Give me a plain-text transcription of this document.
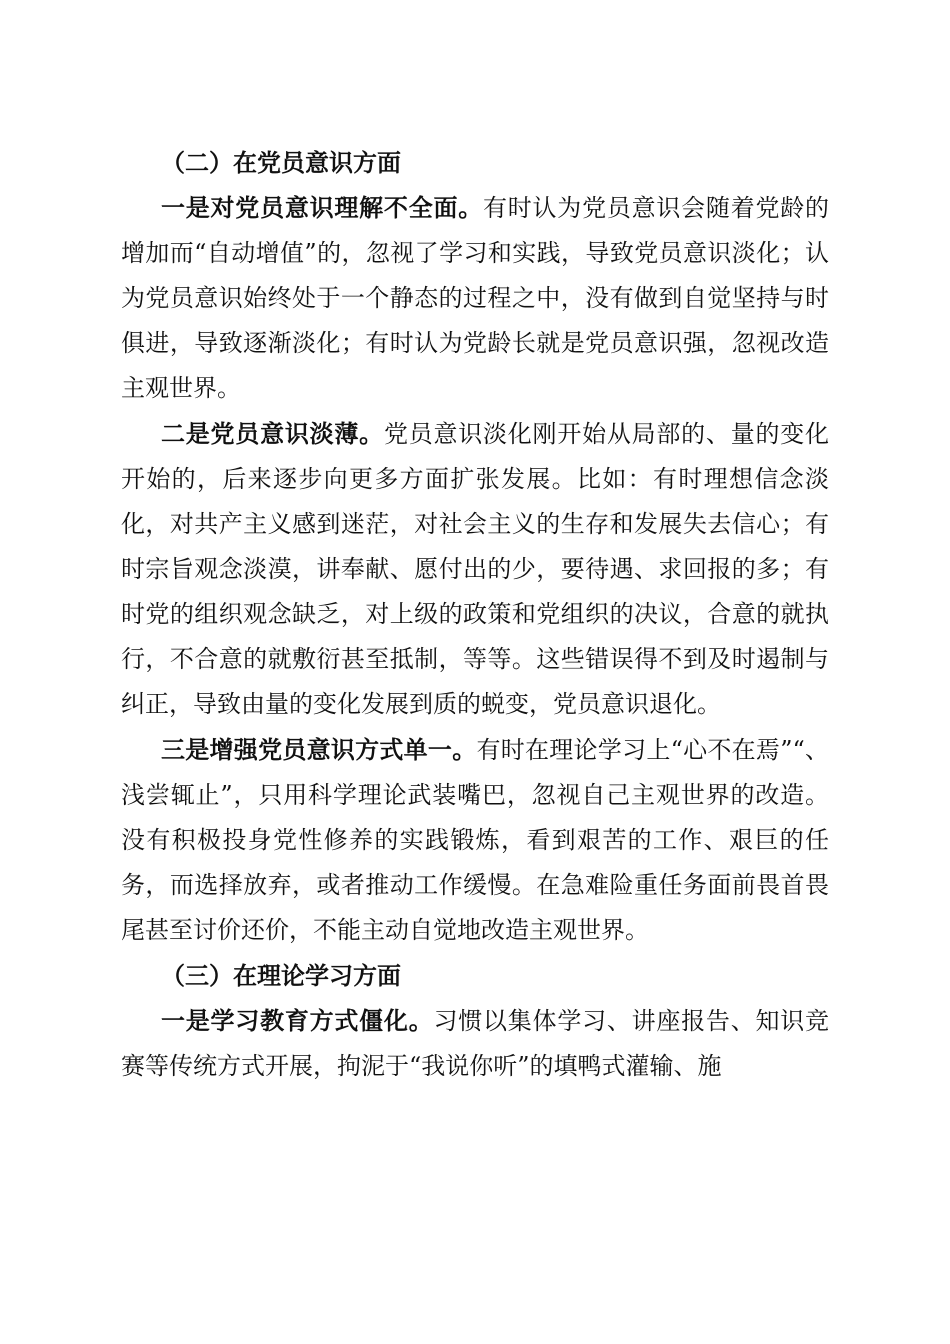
（二）在党员意识方面

一是对党员意识理解不全面。有时认为党员意识会随着党龄的增加而“自动增值”的，忽视了学习和实践，导致党员意识淡化；认为党员意识始终处于一个静态的过程之中，没有做到自觉坚持与时俱进，导致逐渐淡化；有时认为党龄长就是党员意识强，忽视改造主观世界。

二是党员意识淡薄。党员意识淡化刚开始从局部的、量的变化开始的，后来逐步向更多方面扩张发展。比如：有时理想信念淡化，对共产主义感到迷茫，对社会主义的生存和发展失去信心；有时宗旨观念淡漠，讲奉献、愿付出的少，要待遇、求回报的多；有时党的组织观念缺乏，对上级的政策和党组织的决议，合意的就执行，不合意的就敷衍甚至抵制，等等。这些错误得不到及时遏制与纠正，导致由量的变化发展到质的蜕变，党员意识退化。

三是增强党员意识方式单一。有时在理论学习上“心不在焉”“、浅尝辄止”，只用科学理论武装嘴巴，忽视自己主观世界的改造。没有积极投身党性修养的实践锻炼，看到艰苦的工作、艰巨的任务，而选择放弃，或者推动工作缓慢。在急难险重任务面前畏首畏尾甚至讨价还价，不能主动自觉地改造主观世界。

（三）在理论学习方面

一是学习教育方式僵化。习惯以集体学习、讲座报告、知识竞赛等传统方式开展，拘泥于“我说你听”的填鸭式灌输、施
